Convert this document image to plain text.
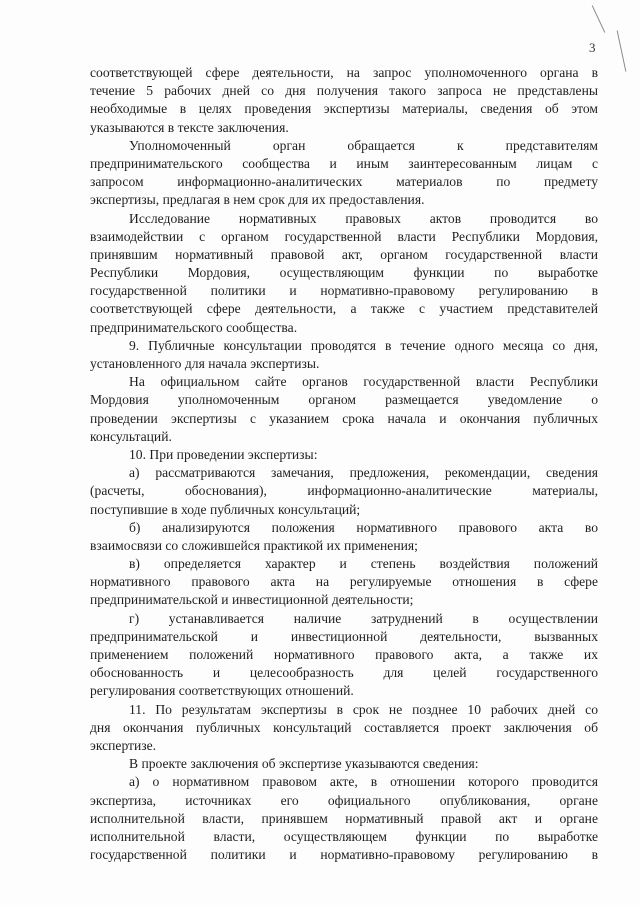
3
соответствующей сфере деятельности, на запрос уполномоченного органа в
течение 5 рабочих дней со дня получения такого запроса не представлены
необходимые в целях проведения экспертизы материалы, сведения об этом
указываются в тексте заключения.
Уполномоченный орган обращается к представителям
предпринимательского сообщества и иным заинтересованным лицам с
запросом информационно-аналитических материалов по предмету
экспертизы, предлагая в нем срок для их предоставления.
Исследование нормативных правовых актов проводится во
взаимодействии с органом государственной власти Республики Мордовия,
принявшим нормативный правовой акт, органом государственной власти
Республики Мордовия, осуществляющим функции по выработке
государственной политики и нормативно-правовому регулированию в
соответствующей сфере деятельности, а также с участием представителей
предпринимательского сообщества.
9. Публичные консультации проводятся в течение одного месяца со дня,
установленного для начала экспертизы.
На официальном сайте органов государственной власти Республики
Мордовия уполномоченным органом размещается уведомление о
проведении экспертизы с указанием срока начала и окончания публичных
консультаций.
10. При проведении экспертизы:
а) рассматриваются замечания, предложения, рекомендации, сведения
(расчеты, обоснования), информационно-аналитические материалы,
поступившие в ходе публичных консультаций;
б) анализируются положения нормативного правового акта во
взаимосвязи со сложившейся практикой их применения;
в) определяется характер и степень воздействия положений
нормативного правового акта на регулируемые отношения в сфере
предпринимательской и инвестиционной деятельности;
г) устанавливается наличие затруднений в осуществлении
предпринимательской и инвестиционной деятельности, вызванных
применением положений нормативного правового акта, а также их
обоснованность и целесообразность для целей государственного
регулирования соответствующих отношений.
11. По результатам экспертизы в срок не позднее 10 рабочих дней со
дня окончания публичных консультаций составляется проект заключения об
экспертизе.
В проекте заключения об экспертизе указываются сведения:
а) о нормативном правовом акте, в отношении которого проводится
экспертиза, источниках его официального опубликования, органе
исполнительной власти, принявшем нормативный правой акт и органе
исполнительной власти, осуществляющем функции по выработке
государственной политики и нормативно-правовому регулированию в
